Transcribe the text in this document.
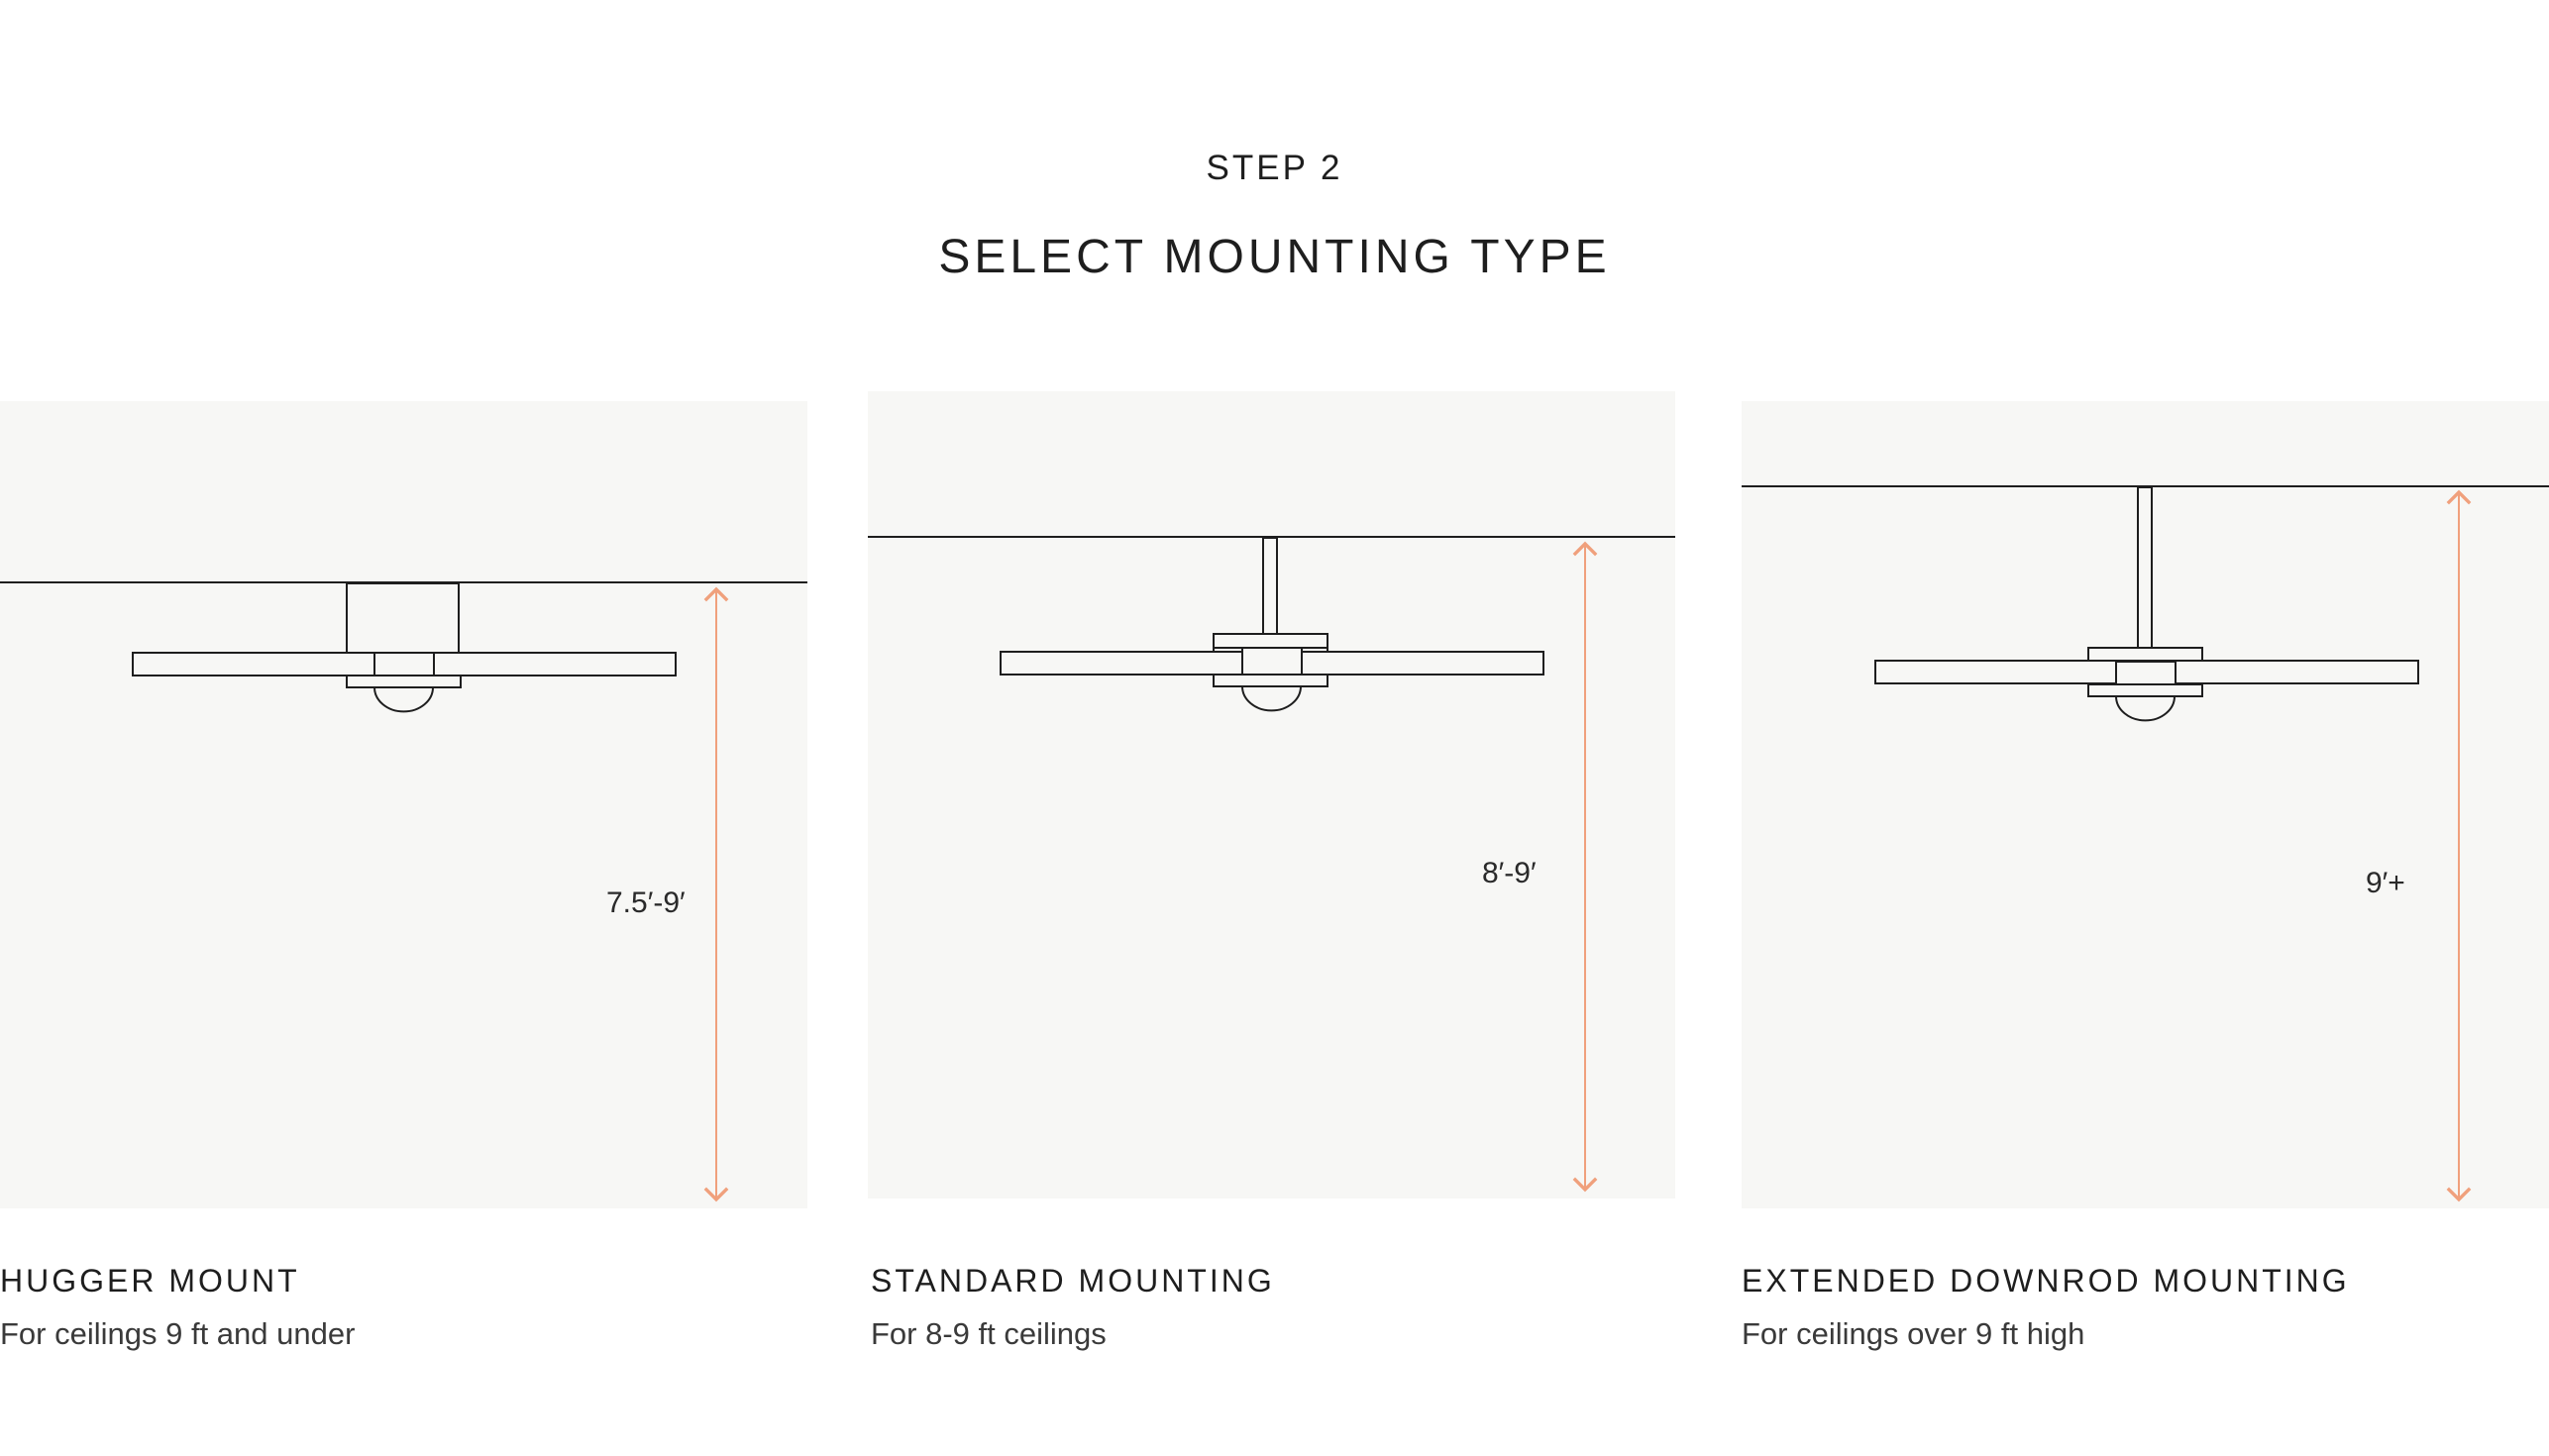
STEP 2
SELECT MOUNTING TYPE
7.5′-9′
HUGGER MOUNT
For ceilings 9 ft and under
8′-9′
STANDARD MOUNTING
For 8-9 ft ceilings
9′+
EXTENDED DOWNROD MOUNTING
For ceilings over 9 ft high
